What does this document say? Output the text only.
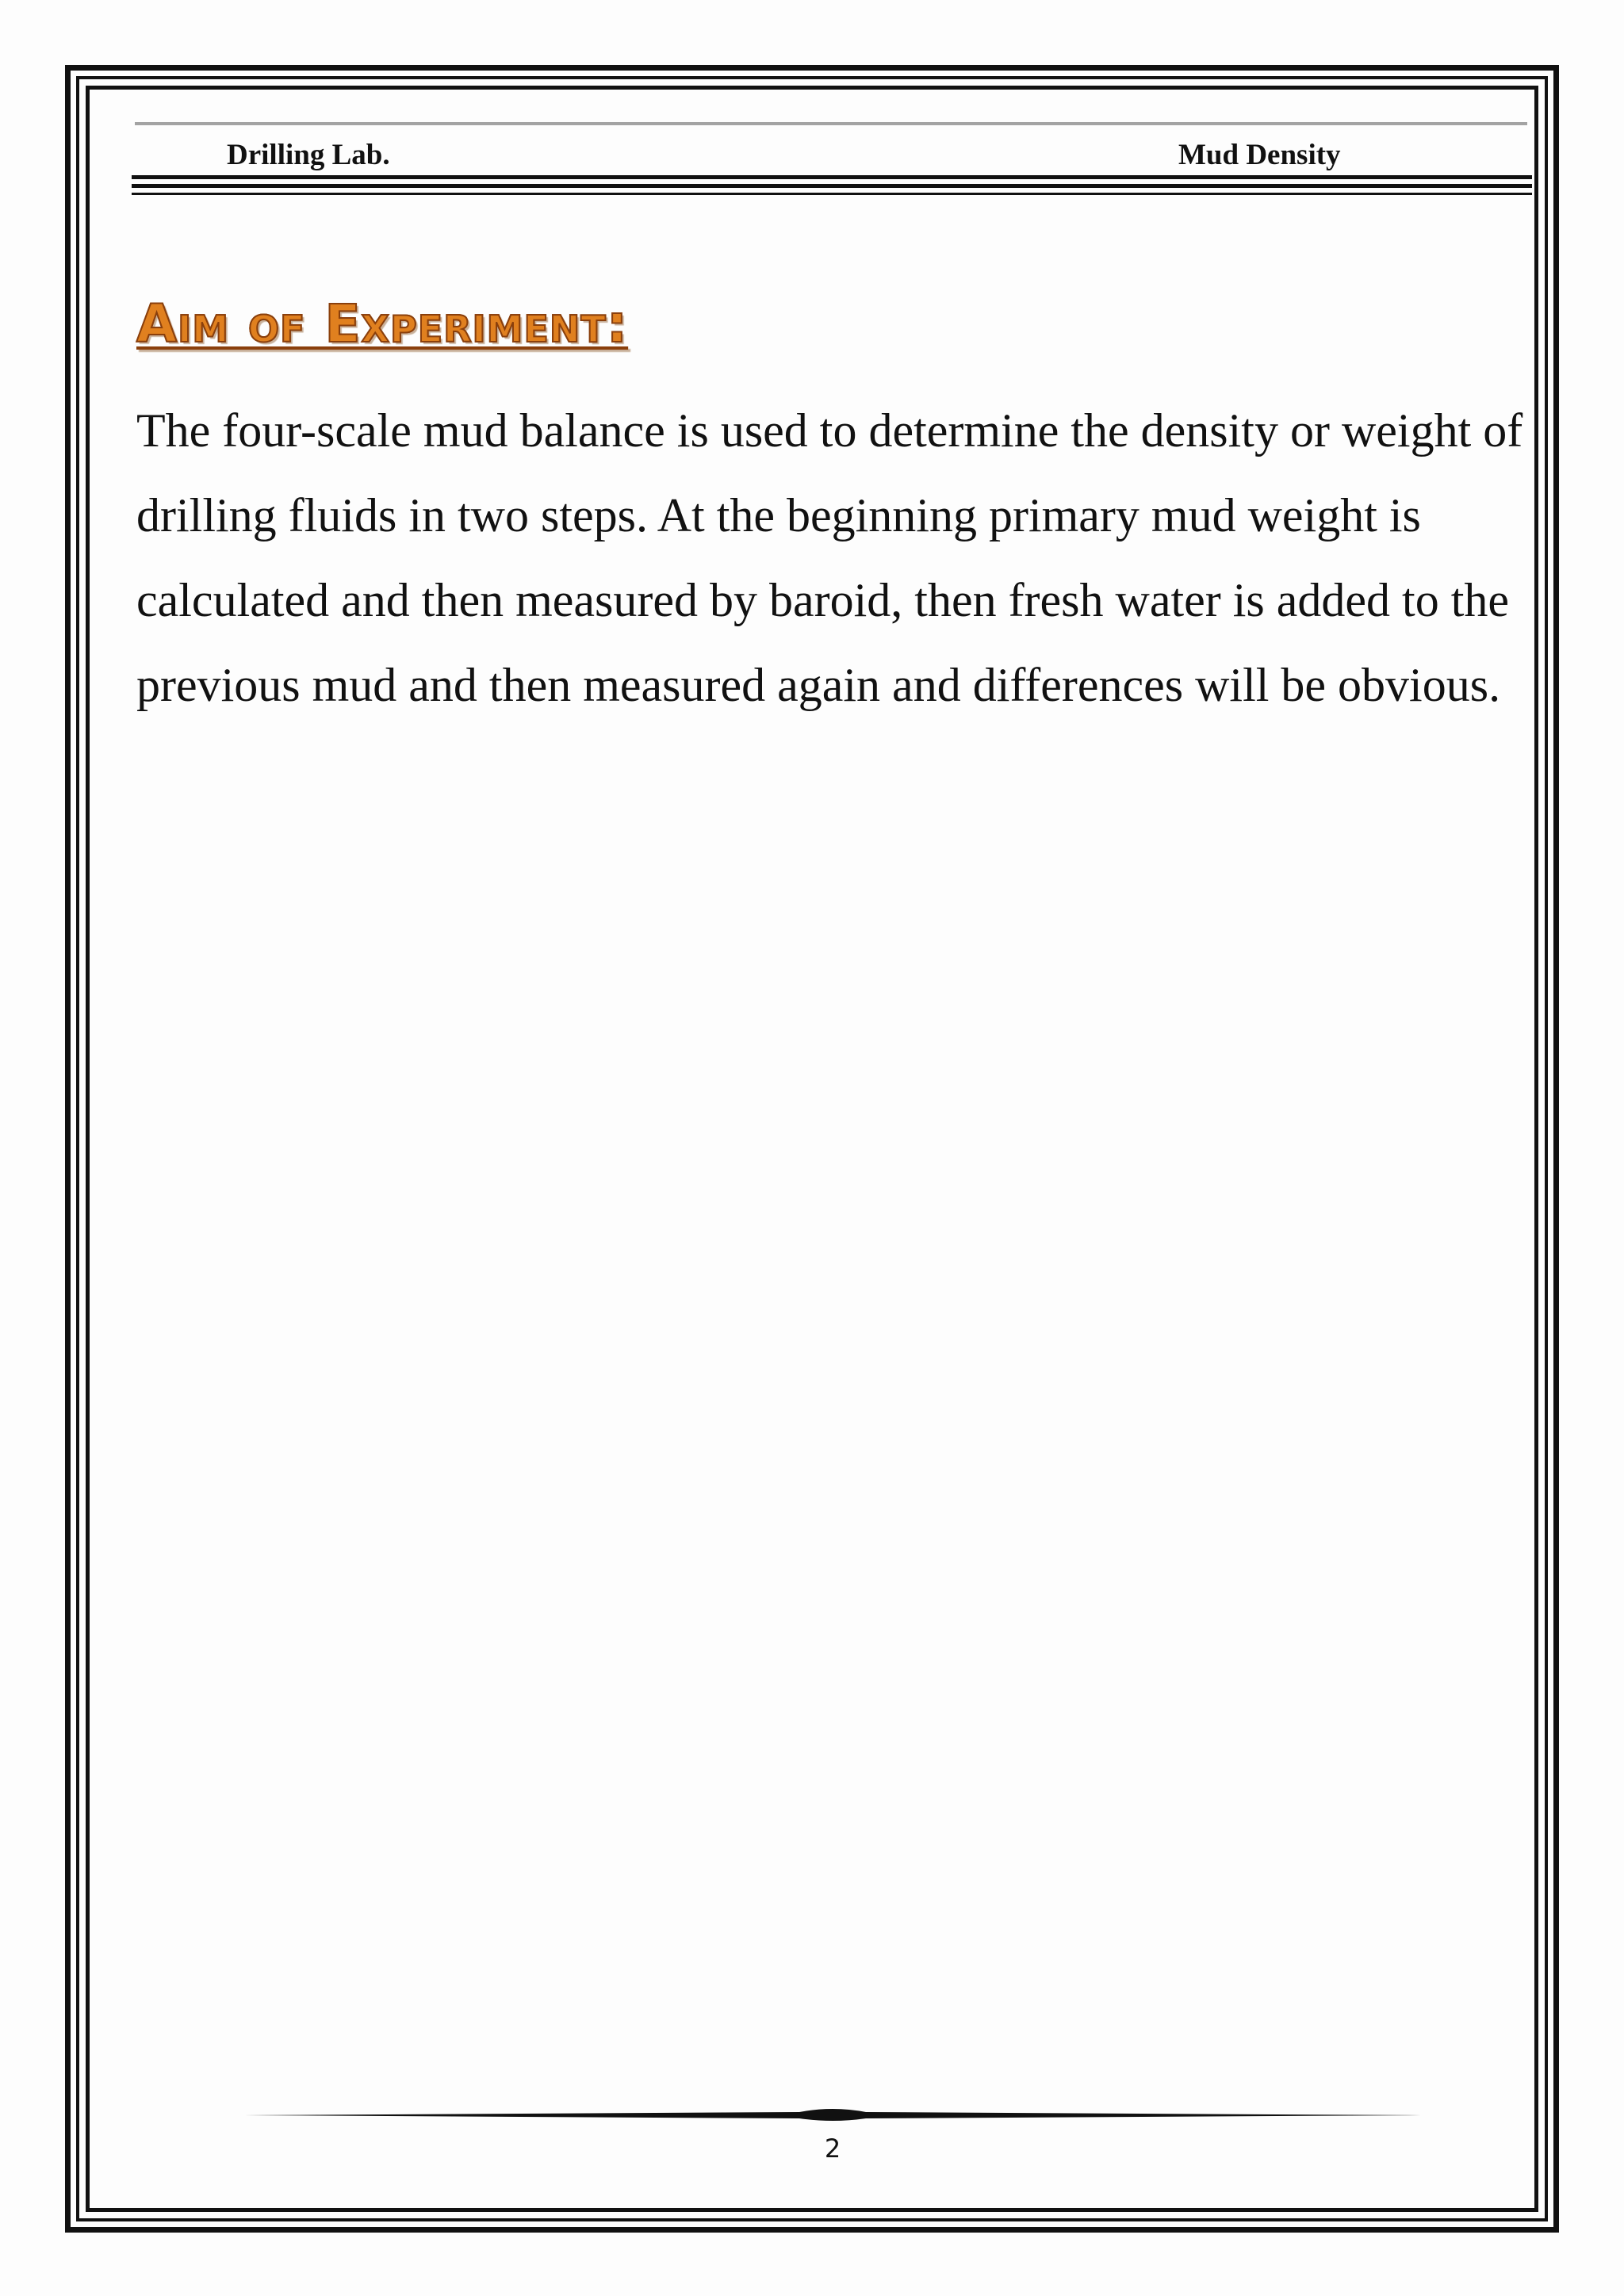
Drilling Lab.	Mud Density
Aim of Experiment:

The four-scale mud balance is used to determine the density or weight of drilling fluids in two steps. At the beginning primary mud weight is calculated and then measured by baroid, then fresh water is added to the previous mud and then measured again and differences will be obvious.

2
